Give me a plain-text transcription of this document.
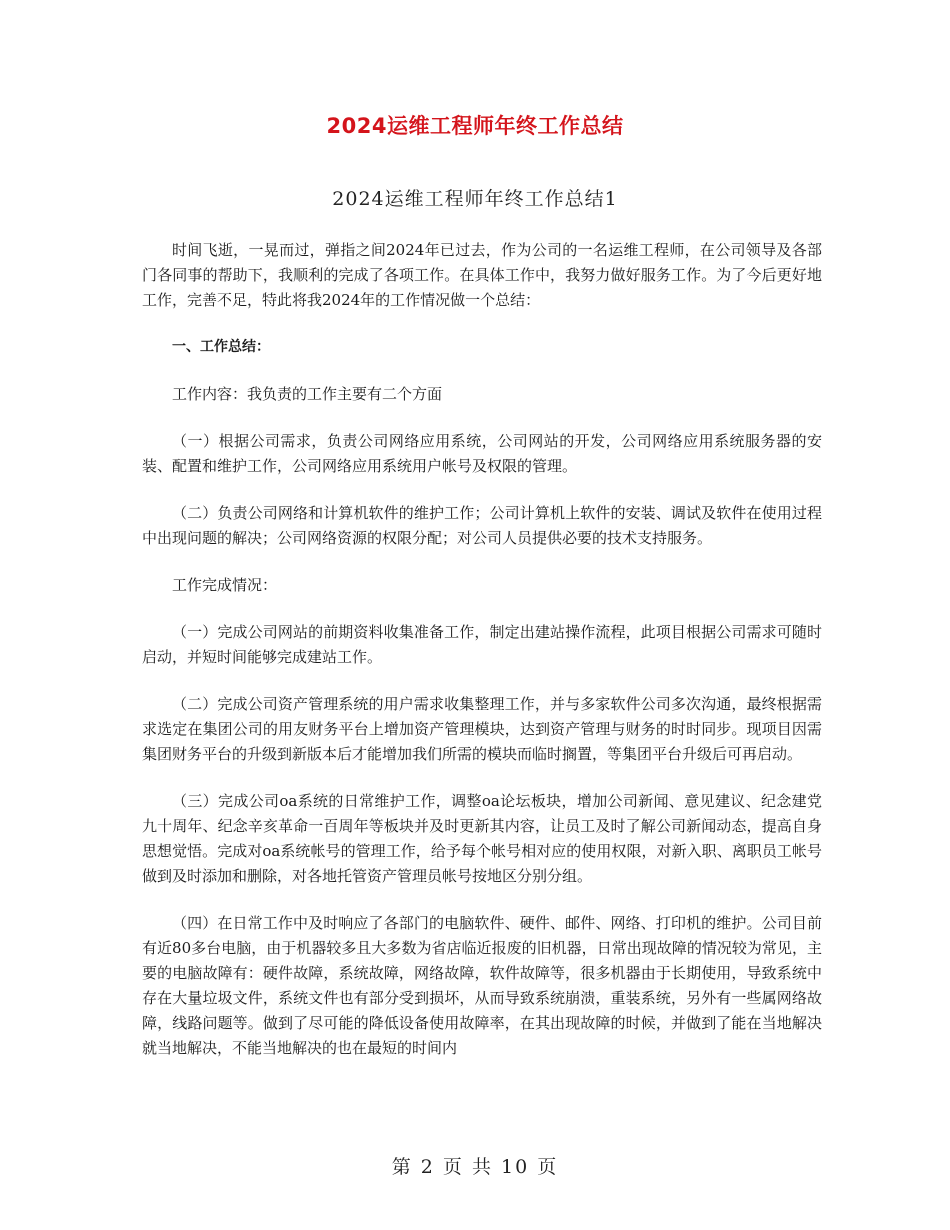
2024运维工程师年终工作总结
2024运维工程师年终工作总结1

时间飞逝，一晃而过，弹指之间2024年已过去，作为公司的一名运维工程师，在公司领导及各部门各同事的帮助下，我顺利的完成了各项工作。在具体工作中，我努力做好服务工作。为了今后更好地工作，完善不足，特此将我2024年的工作情况做一个总结：

一、工作总结：

工作内容：我负责的工作主要有二个方面

（一）根据公司需求，负责公司网络应用系统，公司网站的开发，公司网络应用系统服务器的安装、配置和维护工作，公司网络应用系统用户帐号及权限的管理。

（二）负责公司网络和计算机软件的维护工作；公司计算机上软件的安装、调试及软件在使用过程中出现问题的解决；公司网络资源的权限分配；对公司人员提供必要的技术支持服务。

工作完成情况：

（一）完成公司网站的前期资料收集准备工作，制定出建站操作流程，此项目根据公司需求可随时启动，并短时间能够完成建站工作。

（二）完成公司资产管理系统的用户需求收集整理工作，并与多家软件公司多次沟通，最终根据需求选定在集团公司的用友财务平台上增加资产管理模块，达到资产管理与财务的时时同步。现项目因需集团财务平台的升级到新版本后才能增加我们所需的模块而临时搁置，等集团平台升级后可再启动。

（三）完成公司oa系统的日常维护工作，调整oa论坛板块，增加公司新闻、意见建议、纪念建党九十周年、纪念辛亥革命一百周年等板块并及时更新其内容，让员工及时了解公司新闻动态，提高自身思想觉悟。完成对oa系统帐号的管理工作，给予每个帐号相对应的使用权限，对新入职、离职员工帐号做到及时添加和删除，对各地托管资产管理员帐号按地区分别分组。

（四）在日常工作中及时响应了各部门的电脑软件、硬件、邮件、网络、打印机的维护。公司目前有近80多台电脑，由于机器较多且大多数为省店临近报废的旧机器，日常出现故障的情况较为常见，主要的电脑故障有：硬件故障，系统故障，网络故障，软件故障等，很多机器由于长期使用，导致系统中存在大量垃圾文件，系统文件也有部分受到损坏，从而导致系统崩溃，重装系统，另外有一些属网络故障，线路问题等。做到了尽可能的降低设备使用故障率，在其出现故障的时候，并做到了能在当地解决就当地解决，不能当地解决的也在最短的时间内

第 2 页 共 10 页
